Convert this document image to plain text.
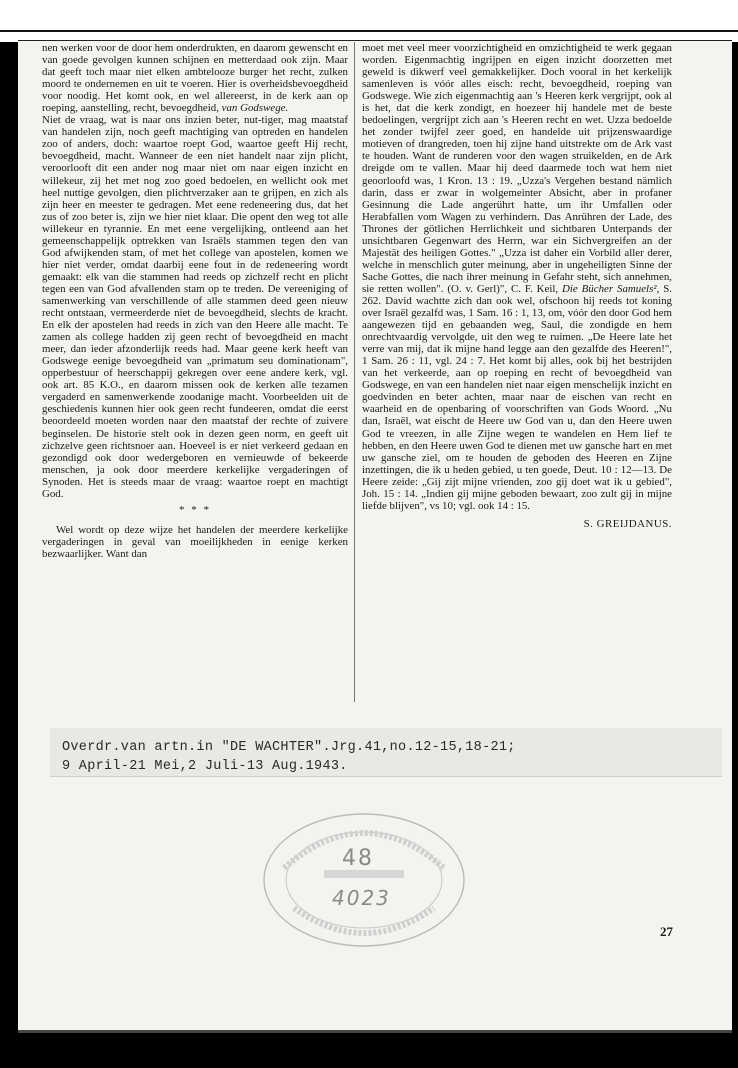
nen werken voor de door hem onderdrukten, en daarom gewenscht en van goede gevolgen kunnen schijnen en metterdaad ook zijn. Maar dat geeft toch maar niet elken ambtelooze burger het recht, zulken moord te ondernemen en uit te voeren. Hier is overheidsbevoegdheid voor noodig. Het komt ook, en wel allereerst, in de kerk aan op roeping, aanstelling, recht, bevoegdheid, van Godswege.

Niet de vraag, wat is naar ons inzien beter, nut-tiger, mag maatstaf van handelen zijn, noch geeft machtiging van optreden en handelen zoo of anders, doch: waartoe roept God, waartoe geeft Hij recht, bevoegdheid, macht. Wanneer de een niet handelt naar zijn plicht, veroorlooft dit een ander nog maar niet om naar eigen inzicht en willekeur, zij het met nog zoo goed bedoelen, en wellicht ook met heel nuttige gevolgen, dien plichtverzaker aan te grijpen, en zich als zijn heer en meester te gedragen. Met eene redeneering dus, dat het zus of zoo beter is, zijn we hier niet klaar. Die opent den weg tot alle willekeur en tyrannie. En met eene vergelijking, ontleend aan het gemeenschappelijk optrekken van Israëls stammen tegen den van God afwijkenden stam, of met het college van apostelen, komen we hier niet verder, omdat daarbij eene fout in de redeneering wordt gemaakt: elk van die stammen had reeds op zichzelf recht en plicht tegen een van God afvallenden stam op te treden. De vereeniging of samenwerking van verschillende of alle stammen deed geen nieuw recht ontstaan, vermeerderde niet de bevoegdheid, slechts de kracht. En elk der apostelen had reeds in zich van den Heere alle macht. Te zamen als college hadden zij geen recht of bevoegdheid en macht meer, dan ieder afzonderlijk reeds had. Maar geene kerk heeft van Godswege eenige bevoegdheid van „primatum seu dominationam", opperbestuur of heerschappij gekregen over eene andere kerk, vgl. ook art. 85 K.O., en daarom missen ook de kerken alle tezamen vergaderd en samenwerkende zoodanige macht. Voorbeelden uit de geschiedenis kunnen hier ook geen recht fundeeren, omdat die eerst beoordeeld moeten worden naar den maatstaf der rechte of zuivere beginselen. De historie stelt ook in dezen geen norm, en geeft uit zichzelve geen richtsnoer aan. Hoeveel is er niet verkeerd gedaan en gezondigd ook door wedergeboren en vernieuwde of bekeerde menschen, ja ook door meerdere kerkelijke vergaderingen of Synoden. Het is steeds maar de vraag: waartoe roept en machtigt God.

* * *

Wel wordt op deze wijze het handelen der meerdere kerkelijke vergaderingen in geval van moeilijkheden in eenige kerken bezwaarlijker. Want dan

moet met veel meer voorzichtigheid en omzichtigheid te werk gegaan worden. Eigenmachtig ingrijpen en eigen inzicht doorzetten met geweld is dikwerf veel gemakkelijker. Doch vooral in het kerkelijk samenleven is vóór alles eisch: recht, bevoegdheid, roeping van Godswege. Wie zich eigenmachtig aan 's Heeren kerk vergrijpt, ook al is het, dat die kerk zondigt, en hoezeer hij handele met de beste bedoelingen, vergrijpt zich aan 's Heeren recht en wet. Uzza bedoelde het zonder twijfel zeer goed, en handelde uit prijzenswaardige motieven of drangreden, toen hij zijne hand uitstrekte om de Ark vast te houden. Want de runderen voor den wagen struikelden, en de Ark dreigde om te vallen. Maar hij deed daarmede toch wat hem niet geoorloofd was, 1 Kron. 13 : 19. „Uzza's Vergehen bestand nämlich darin, dass er zwar in wolgemeinter Absicht, aber in profaner Gesinnung die Lade angerührt hatte, um ihr Umfallen oder Herabfallen vom Wagen zu verhindern. Das Anrühren der Lade, des Thrones der götlichen Herrlichkeit und sichtbaren Unterpands der unsichtbaren Gegenwart des Herrn, war ein Sichvergreifen an der Majestät des heiligen Gottes." „Uzza ist daher ein Vorbild aller derer, welche in menschlich guter meinung, aber in ungeheiligten Sinne der Sache Gottes, die nach ihrer meinung in Gefahr steht, sich annehmen, sie retten wollen". (O. v. Gerl)", C. F. Keil, Die Bücher Samuels², S. 262. David wachtte zich dan ook wel, ofschoon hij reeds tot koning over Israël gezalfd was, 1 Sam. 16 : 1, 13, om, vóór den door God hem aangewezen tijd en gebaanden weg, Saul, die zondigde en hem onrechtvaardig vervolgde, uit den weg te ruimen. „De Heere late het verre van mij, dat ik mijne hand legge aan den gezalfde des Heeren!", 1 Sam. 26 : 11, vgl. 24 : 7. Het komt bij alles, ook bij het bestrijden van het verkeerde, aan op roeping en recht of bevoegdheid van Godswege, en van een handelen niet naar eigen menschelijk inzicht en goedvinden en beter achten, maar naar de eischen van recht en waarheid en de openbaring of voorschriften van Gods Woord. „Nu dan, Israël, wat eischt de Heere uw God van u, dan den Heere uwen God te vreezen, in alle Zijne wegen te wandelen en Hem lief te hebben, en den Heere uwen God te dienen met uw gansche hart en met uw gansche ziel, om te houden de geboden des Heeren en Zijne inzettingen, die ik u heden gebied, u ten goede, Deut. 10 : 12—13. De Heere zeide: „Gij zijt mijne vrienden, zoo gij doet wat ik u gebied", Joh. 15 : 14. „Indien gij mijne geboden bewaart, zoo zult gij in mijne liefde blijven", vs 10; vgl. ook 14 : 15.

S. GREIJDANUS.
Overdr.van artn.in "DE WACHTER".Jrg.41,no.12-15,18-21;
9 April-21 Mei,2 Juli-13 Aug.1943.
48
4023
27
